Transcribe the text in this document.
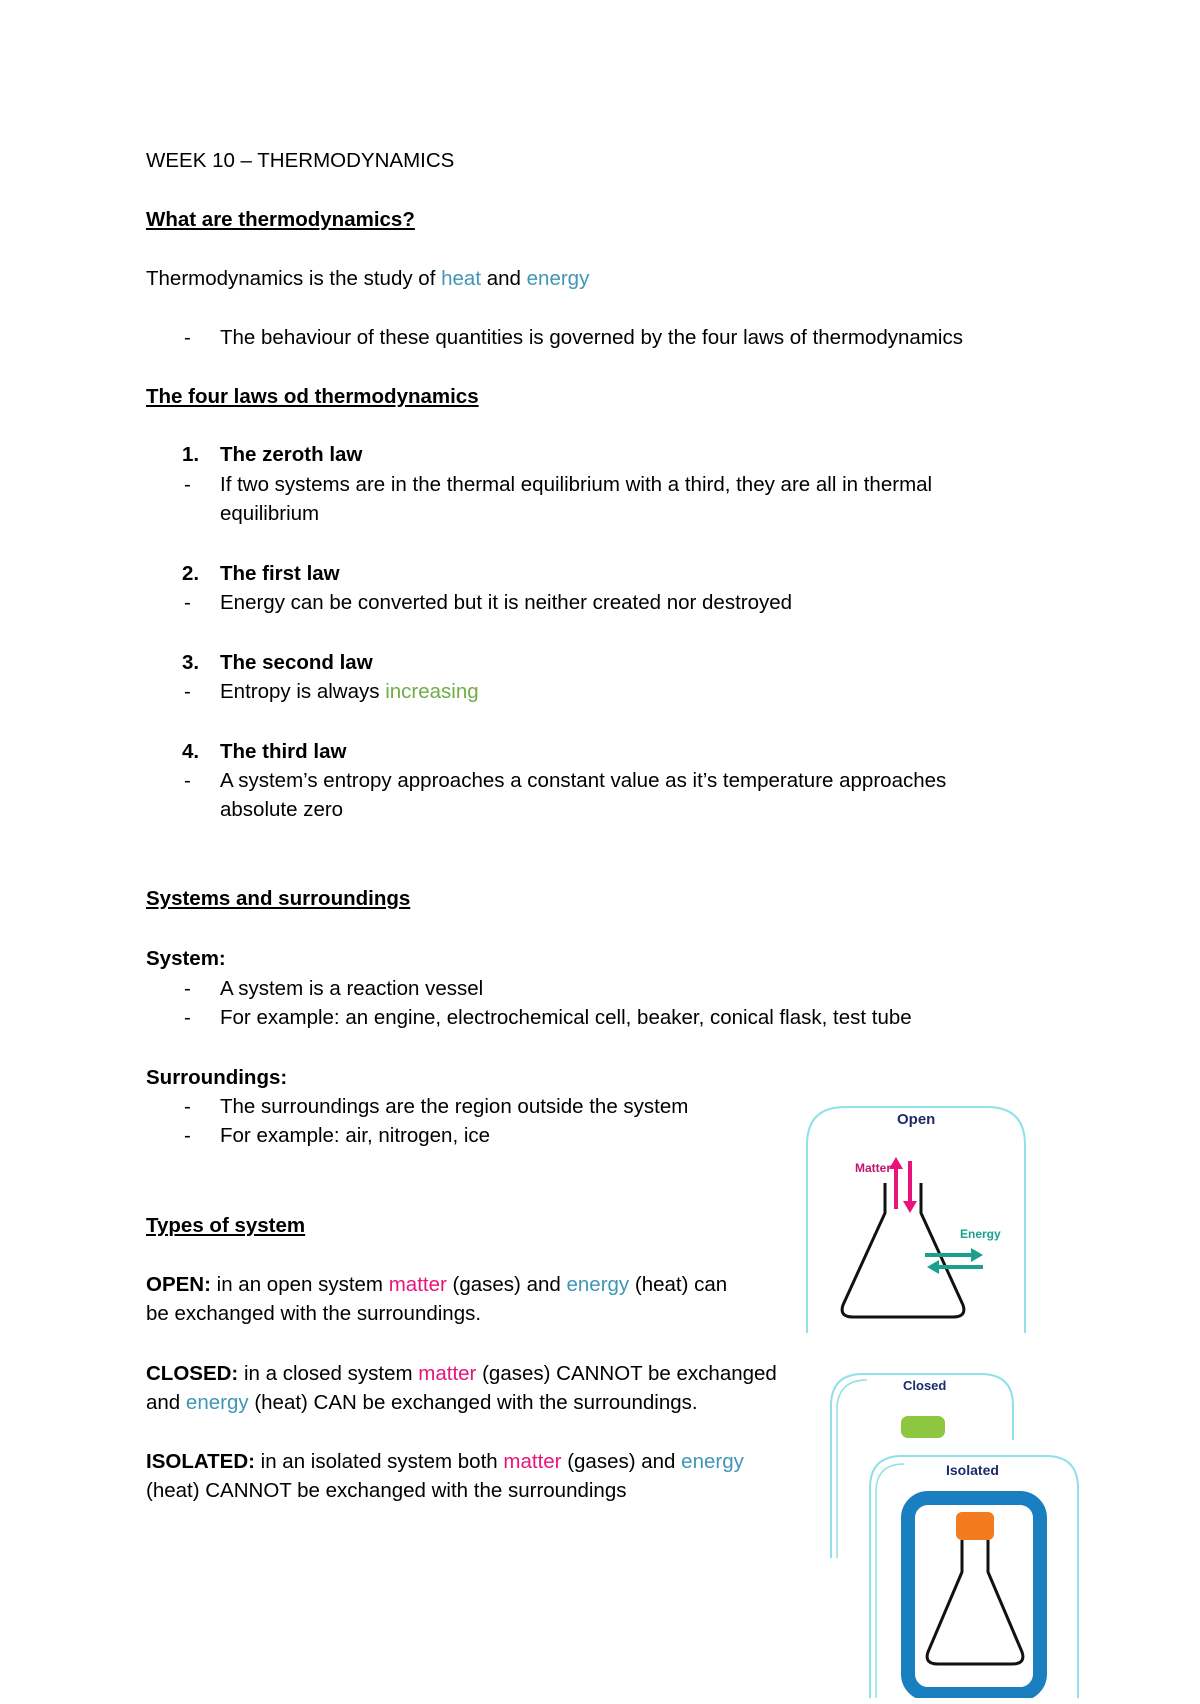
WEEK 10 – THERMODYNAMICS
What are thermodynamics?
Thermodynamics is the study of heat and energy
- The behaviour of these quantities is governed by the four laws of thermodynamics
The four laws od thermodynamics
1. The zeroth law
- If two systems are in the thermal equilibrium with a third, they are all in thermal
equilibrium
2. The first law
- Energy can be converted but it is neither created nor destroyed
3. The second law
- Entropy is always increasing
4. The third law
- A system’s entropy approaches a constant value as it’s temperature approaches
absolute zero
Systems and surroundings
System:
- A system is a reaction vessel
- For example: an engine, electrochemical cell, beaker, conical flask, test tube
Surroundings:
- The surroundings are the region outside the system
- For example: air, nitrogen, ice
Types of system
OPEN: in an open system matter (gases) and energy (heat) can
be exchanged with the surroundings.
CLOSED: in a closed system matter (gases) CANNOT be exchanged
and energy (heat) CAN be exchanged with the surroundings.
ISOLATED: in an isolated system both matter (gases) and energy
(heat) CANNOT be exchanged with the surroundings
Open
Matter
Energy
Closed
Isolated
